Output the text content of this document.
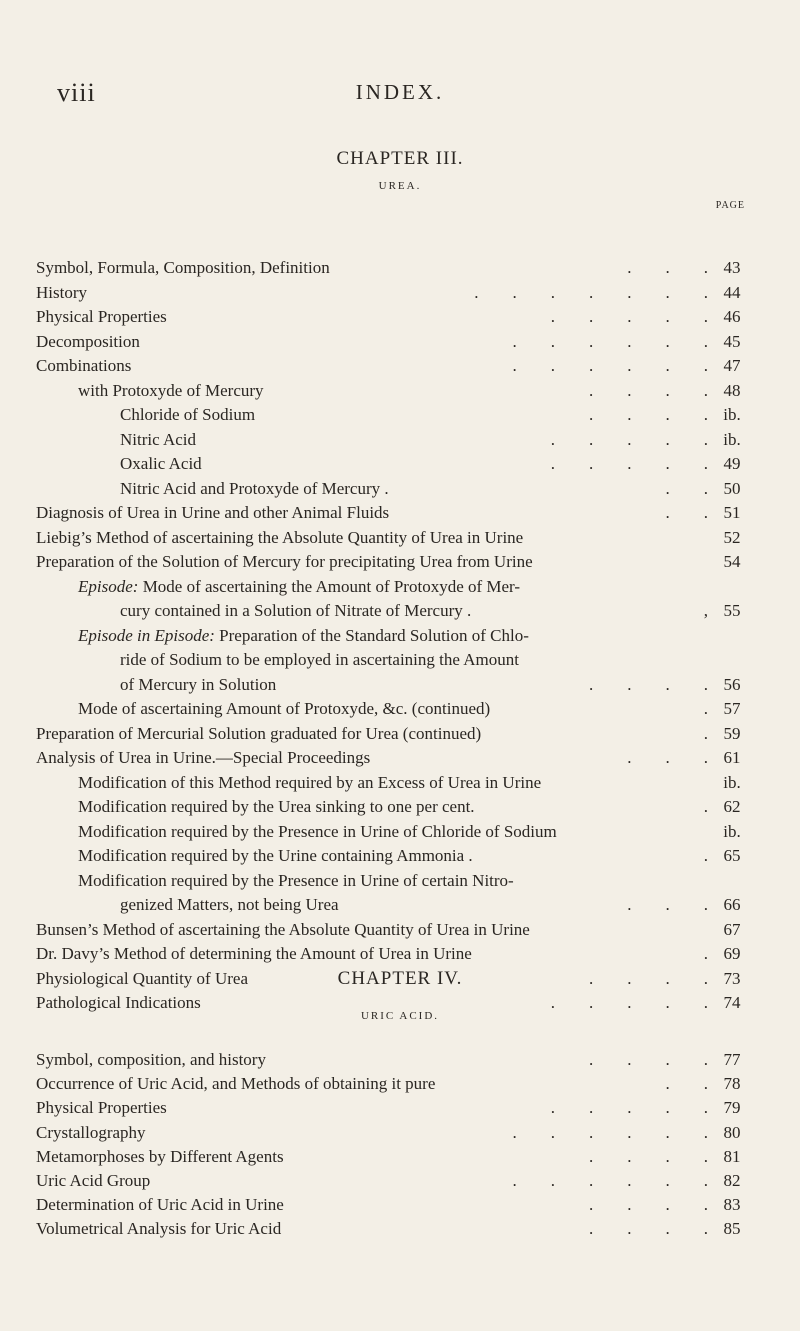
viii	INDEX.
CHAPTER III.
UREA.
PAGE
CHAPTER IV.
URIC ACID.
Symbol, Formula, Composition, Definition	.  .  . 43
History	.  .  .  .  .  .  . 44
Physical Properties	.  .  .  .  . 46
Decomposition	.  .  .  .  .  . 45
Combinations	.  .  .  .  .  . 47
with Protoxyde of Mercury	.  .  .  . 48
Chloride of Sodium	.  .  .  . ib.
Nitric Acid	.  .  .  .  . ib.
Oxalic Acid	.  .  .  .  . 49
Nitric Acid and Protoxyde of Mercury .	.  . 50
Diagnosis of Urea in Urine and other Animal Fluids	.  . 51
Liebig’s Method of ascertaining the Absolute Quantity of Urea in Urine	52
Preparation of the Solution of Mercury for precipitating Urea from Urine	54
Episode: Mode of ascertaining the Amount of Protoxyde of Mer-
cury contained in a Solution of Nitrate of Mercury .	, 55
Episode in Episode: Preparation of the Standard Solution of Chlo-
ride of Sodium to be employed in ascertaining the Amount
of Mercury in Solution	.  .  .  . 56
Mode of ascertaining Amount of Protoxyde, &c. (continued)	. 57
Preparation of Mercurial Solution graduated for Urea (continued)	. 59
Analysis of Urea in Urine.—Special Proceedings	.  .  . 61
Modification of this Method required by an Excess of Urea in Urine	ib.
Modification required by the Urea sinking to one per cent.	. 62
Modification required by the Presence in Urine of Chloride of Sodium	ib.
Modification required by the Urine containing Ammonia .	. 65
Modification required by the Presence in Urine of certain Nitro-
genized Matters, not being Urea	.  .  . 66
Bunsen’s Method of ascertaining the Absolute Quantity of Urea in Urine	67
Dr. Davy’s Method of determining the Amount of Urea in Urine	. 69
Physiological Quantity of Urea	.  .  .  . 73
Pathological Indications	.  .  .  .  . 74
Symbol, composition, and history	.  .  .  . 77
Occurrence of Uric Acid, and Methods of obtaining it pure	.  . 78
Physical Properties	.  .  .  .  . 79
Crystallography	.  .  .  .  .  . 80
Metamorphoses by Different Agents	.  .  .  . 81
Uric Acid Group	.  .  .  .  .  . 82
Determination of Uric Acid in Urine	.  .  .  . 83
Volumetrical Analysis for Uric Acid	.  .  .  . 85
